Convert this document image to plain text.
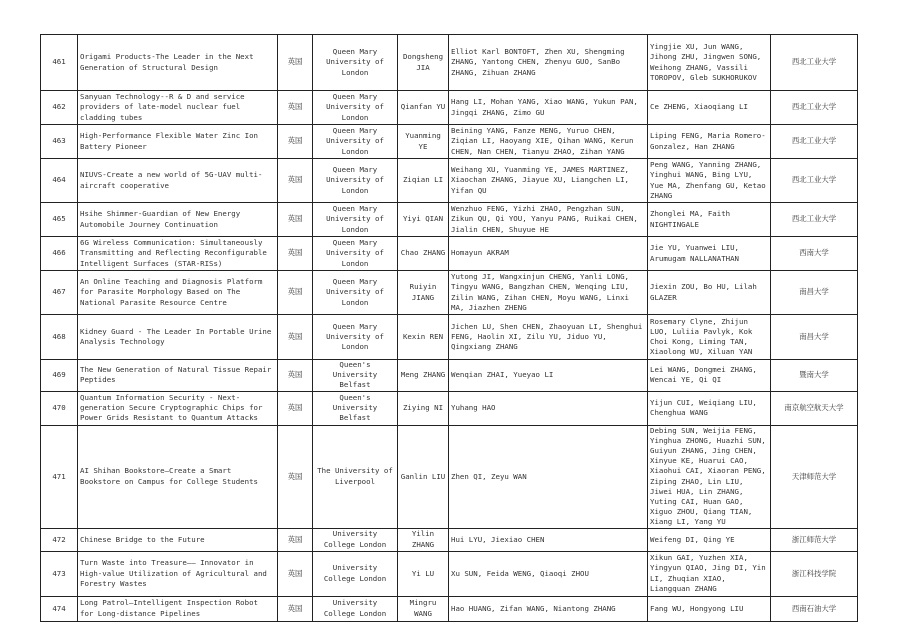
461	Origami Products-The Leader in the Next Generation of Structural Design	英国	Queen Mary University of London	Dongsheng JIA	Elliot Karl BONTOFT, Zhen XU, Shengming ZHANG, Yantong CHEN, Zhenyu GUO, SanBo ZHANG, Zihuan ZHANG	Yingjie XU, Jun WANG, Jihong ZHU, Jingwen SONG, Weihong ZHANG, Vassili TOROPOV, Gleb SUKHORUKOV	西北工业大学
462	Sanyuan Technology--R & D and service providers of late-model nuclear fuel cladding tubes	英国	Queen Mary University of London	Qianfan YU	Hang LI, Mohan YANG, Xiao WANG, Yukun PAN, Jingqi ZHANG, Zimo GU	Ce ZHENG, Xiaoqiang LI	西北工业大学
463	High-Performance Flexible Water Zinc Ion Battery Pioneer	英国	Queen Mary University of London	Yuanming YE	Beining YANG, Fanze MENG, Yuruo CHEN, Ziqian LI, Haoyang XIE, Qihan WANG, Kerun CHEN, Nan CHEN, Tianyu ZHAO, Zihan YANG	Liping FENG, Maria Romero-Gonzalez, Han ZHANG	西北工业大学
464	NIUVS-Create a new world of 5G-UAV multi-aircraft cooperative	英国	Queen Mary University of London	Ziqian LI	Weihang XU, Yuanming YE, JAMES MARTINEZ, Xiaochan ZHANG, Jiayue XU, Liangchen LI, Yifan QU	Peng WANG, Yanning ZHANG, Yinghui WANG, Bing LYU, Yue MA, Zhenfang GU, Ketao ZHANG	西北工业大学
465	Hsihe Shimmer-Guardian of New Energy Automobile Journey Continuation	英国	Queen Mary University of London	Yiyi QIAN	Wenzhuo FENG, Yizhi ZHAO, Pengzhan SUN, Zikun QU, Qi YOU, Yanyu PANG, Ruikai CHEN, Jialin CHEN, Shuyue HE	Zhonglei MA, Faith NIGHTINGALE	西北工业大学
466	6G Wireless Communication: Simultaneously Transmitting and Reflecting Reconfigurable Intelligent Surfaces (STAR-RISs)	英国	Queen Mary University of London	Chao ZHANG	Homayun AKRAM	Jie YU, Yuanwei LIU, Arumugam NALLANATHAN	西南大学
467	An Online Teaching and Diagnosis Platform for Parasite Morphology Based on The National Parasite Resource Centre	英国	Queen Mary University of London	Ruiyin JIANG	Yutong JI, Wangxinjun CHENG, Yanli LONG, Tingyu WANG, Bangzhan CHEN, Wenqing LIU, Zilin WANG, Zihan CHEN, Moyu WANG, Linxi MA, Jiazhen ZHENG	Jiexin ZOU, Bo HU, Lilah GLAZER	南昌大学
468	Kidney Guard - The Leader In Portable Urine Analysis Technology	英国	Queen Mary University of London	Kexin REN	Jichen LU, Shen CHEN, Zhaoyuan LI, Shenghui FENG, Haolin XI, Zilu YU, Jiduo YU, Qingxiang ZHANG	Rosemary Clyne, Zhijun LUO, Luliia Pavlyk, Kok Choi Kong, Liming TAN, Xiaolong WU, Xiluan YAN	南昌大学
469	The New Generation of Natural Tissue Repair Peptides	英国	Queen's University Belfast	Meng ZHANG	Wenqian ZHAI, Yueyao LI	Lei WANG, Dongmei ZHANG, Wencai YE, Qi QI	暨南大学
470	Quantum Information Security - Next-generation Secure Cryptographic Chips for Power Grids Resistant to Quantum Attacks	英国	Queen's University Belfast	Ziying NI	Yuhang HAO	Yijun CUI, Weiqiang LIU, Chenghua WANG	南京航空航天大学
471	AI Shihan Bookstore—Create a Smart Bookstore on Campus for College Students	英国	The University of Liverpool	Ganlin LIU	Zhen QI, Zeyu WAN	Debing SUN, Weijia FENG, Yinghua ZHONG, Huazhi SUN, Guiyun ZHANG, Jing CHEN, Xinyue KE, Huarui CAO, Xiaohui CAI, Xiaoran PENG, Ziping ZHAO, Lin LIU, Jiwei HUA, Lin ZHANG, Yuting CAI, Huan GAO, Xiguo ZHOU, Qiang TIAN, Xiang LI, Yang YU	天津师范大学
472	Chinese Bridge to the Future	英国	University College London	Yilin ZHANG	Hui LYU, Jiexiao CHEN	Weifeng DI, Qing YE	浙江师范大学
473	Turn Waste into Treasure—— Innovator in High-value Utilization of Agricultural and Forestry Wastes	英国	University College London	Yi LU	Xu SUN, Feida WENG, Qiaoqi ZHOU	Xikun GAI, Yuzhen XIA, Yingyun QIAO, Jing DI, Yin LI, Zhuqian XIAO, Liangquan ZHANG	浙江科技学院
474	Long Patrol—Intelligent Inspection Robot for Long-distance Pipelines	英国	University College London	Mingru WANG	Hao HUANG, Zifan WANG, Niantong ZHANG	Fang WU, Hongyong LIU	西南石油大学
